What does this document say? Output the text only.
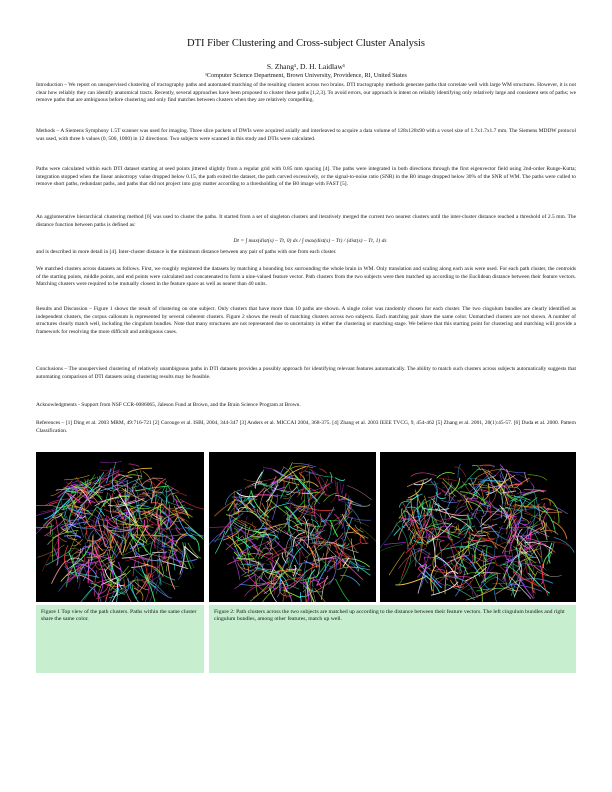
DTI Fiber Clustering and Cross-subject Cluster Analysis
S. Zhang¹, D. H. Laidlaw¹
¹Computer Science Department, Brown University, Providence, RI, United States
Introduction – We report on unsupervised clustering of tractography paths and automated matching of the resulting clusters across two brains. DTI tractography methods generate paths that correlate well with large WM structures. However, it is not clear how reliably they can identify anatomical tracts. Recently, several approaches have been proposed to cluster these paths [1,2,3]. To avoid errors, our approach is intent on reliably identifying only relatively large and consistent sets of paths; we remove paths that are ambiguous before clustering and only find matches between clusters when they are relatively compelling.
Methods – A Siemens Symphony 1.5T scanner was used for imaging. Three slice packets of DWIs were acquired axially and interleaved to acquire a data volume of 128x128x90 with a voxel size of 1.7x1.7x1.7 mm. The Siemens MDDW protocol was used, with three b values (0, 500, 1000) in 12 directions. Two subjects were scanned in this study and DTIs were calculated.
Paths were calculated within each DTI dataset starting at seed points jittered slightly from a regular grid with 0.85 mm spacing [4]. The paths were integrated in both directions through the first eigenvector field using 2nd-order Runge-Kutta; integration stopped when the linear anisotropy value dropped below 0.15, the path exited the dataset, the path curved excessively, or the signal-to-noise ratio (SNR) in the B0 image dropped below 30% of the SNR of WM. The paths were culled to remove short paths, redundant paths, and paths that did not project into gray matter according to a thresholding of the B0 image with FAST [5].
An agglomerative hierarchical clustering method [6] was used to cluster the paths. It started from a set of singleton clusters and iteratively merged the current two nearest clusters until the inter-cluster distance reached a threshold of 2.5 mm. The distance function between paths is defined as:
Dt = ∫ max(dist(s) – Tt, 0) ds / ∫ max(dist(s) – Tt) / (dist(s) – Tt, 1) ds
and is described in more detail in [4]. Inter-cluster distance is the minimum distance between any pair of paths with one from each cluster.
We matched clusters across datasets as follows. First, we roughly registered the datasets by matching a bounding box surrounding the whole brain in WM. Only translation and scaling along each axis were used. For each path cluster, the centroids of the starting points, middle points, and end points were calculated and concatenated to form a nine-valued feature vector. Path clusters from the two subjects were then matched up according to the Euclidean distance between their feature vectors. Matching clusters were required to be mutually closest in the feature space as well as nearer than 40 units.
Results and Discussion – Figure 1 shows the result of clustering on one subject. Only clusters that have more than 10 paths are shown. A single color was randomly chosen for each cluster. The two cingulum bundles are clearly identified as independent clusters, the corpus callosum is represented by several coherent clusters. Figure 2 shows the result of matching clusters across two subjects. Each matching pair share the same color. Unmatched clusters are not shown. A number of structures clearly match well, including the cingulum bundles. Note that many structures are not represented due to uncertainty in either the clustering or matching stage. We believe that this starting point for clustering and matching will provide a framework for resolving the more difficult and ambiguous cases.
Conclusions – The unsupervised clustering of relatively unambiguous paths in DTI datasets provides a possibly approach for identifying relevant features automatically. The ability to match such clusters across subjects automatically suggests that automating comparison of DTI datasets using clustering results may be feasible.
Acknowledgments - Support from NSF CCR-0086065, Jaleson Fund at Brown, and the Brain Science Program at Brown.
References – [1] Ding et al. 2003 MRM, 49:716-721 [2] Corouge et al. ISBI, 2004, 344-347 [3] Anders et al. MICCAI 2004, 368-375. [4] Zhang et al. 2003 IEEE TVCG, 9, 454-462 [5] Zhang et al. 2001, 20(1):45-57. [6] Duda et al. 2000. Pattern Classification.
Figure 1 Top view of the path clusters. Paths within the same cluster share the same color.
Figure 2: Path clusters across the two subjects are matched up according to the distance between their feature vectors. The left cingulum bundles and right cingulum bundles, among other features, match up well.
